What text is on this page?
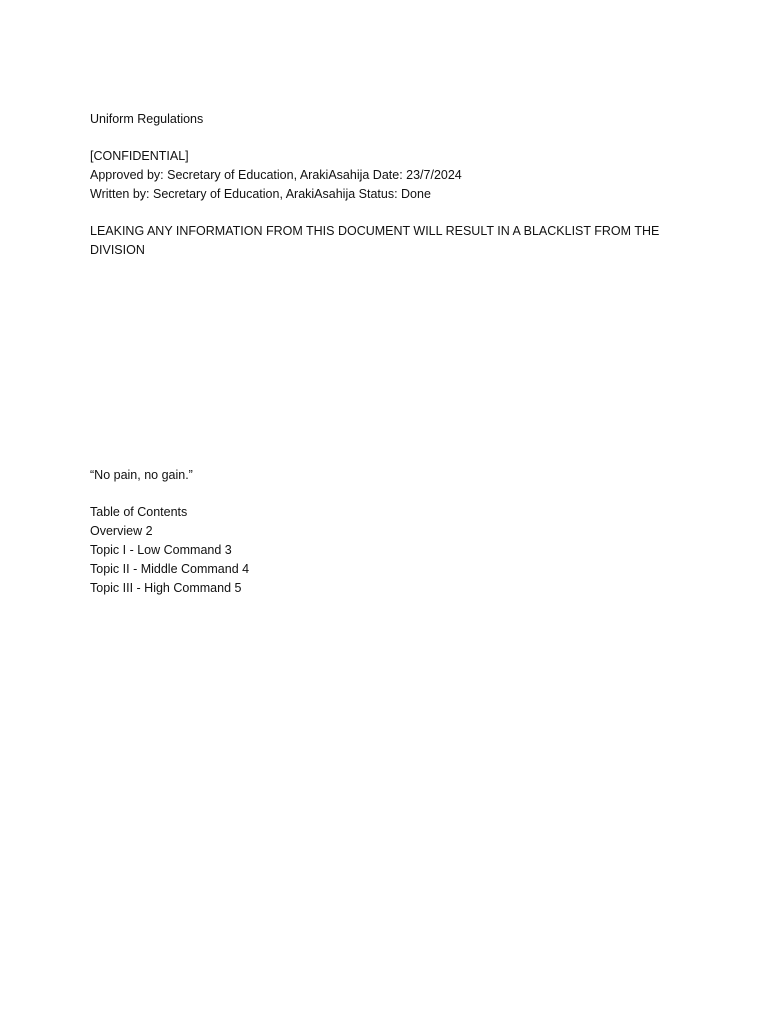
Uniform Regulations

[CONFIDENTIAL]

Approved by: Secretary of Education, ArakiAsahija Date: 23/7/2024

Written by: Secretary of Education, ArakiAsahija Status: Done

LEAKING ANY INFORMATION FROM THIS DOCUMENT WILL RESULT IN A BLACKLIST FROM THE DIVISION

“No pain, no gain.”

Table of Contents

Overview 2

Topic I - Low Command 3

Topic II - Middle Command 4

Topic III - High Command 5
